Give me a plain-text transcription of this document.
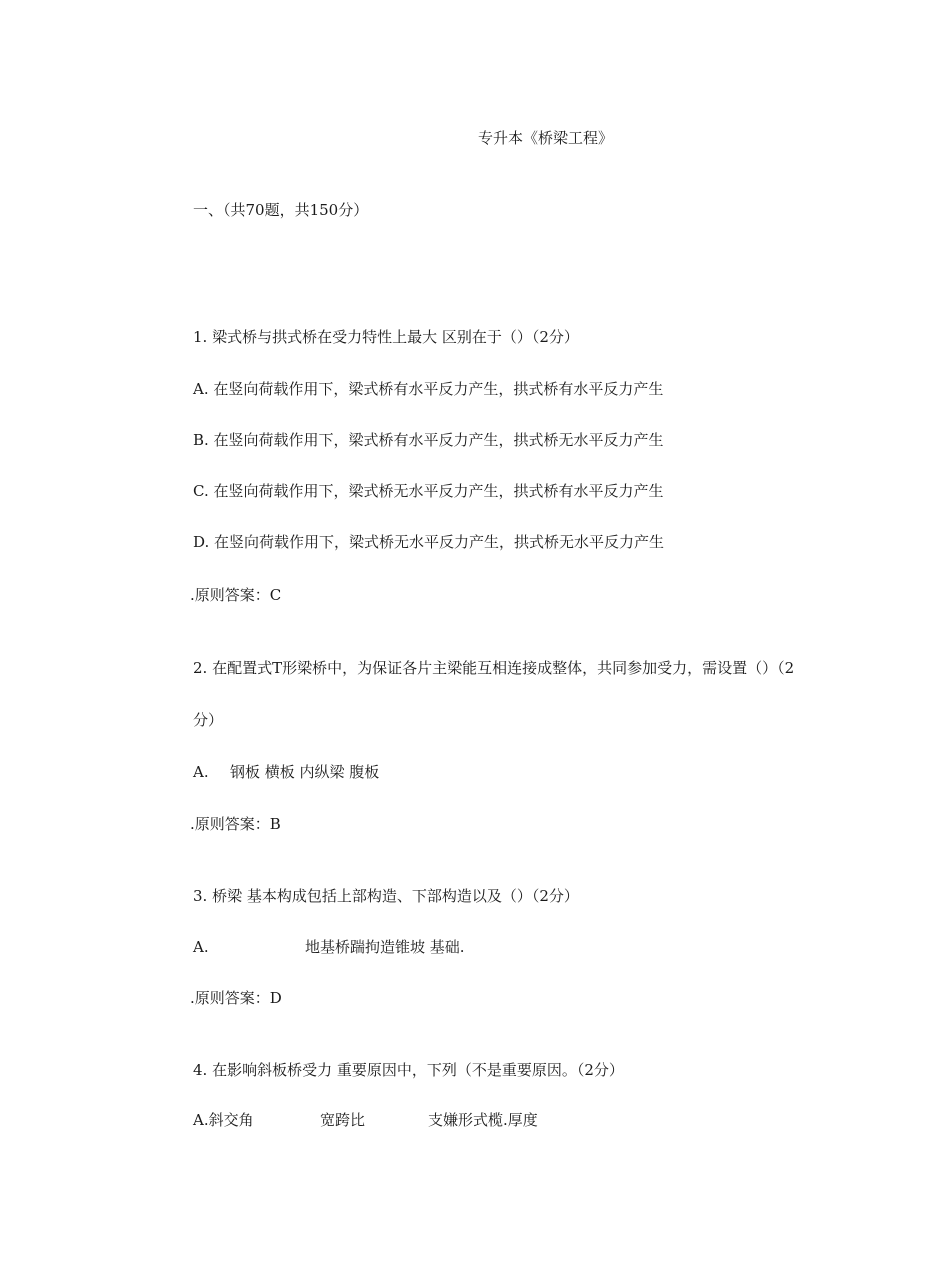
专升本《桥梁工程》
一、（共70题，共150分）
1. 梁式桥与拱式桥在受力特性上最大 区别在于（）（2分）
A. 在竖向荷载作用下，梁式桥有水平反力产生，拱式桥有水平反力产生
B. 在竖向荷载作用下，梁式桥有水平反力产生，拱式桥无水平反力产生
C. 在竖向荷载作用下，梁式桥无水平反力产生，拱式桥有水平反力产生
D. 在竖向荷载作用下，梁式桥无水平反力产生，拱式桥无水平反力产生
.原则答案：C
2. 在配置式T形梁桥中，为保证各片主梁能互相连接成整体，共同参加受力，需设置（）（2
分）
A. 钢板 横板 内纵梁 腹板
.原则答案：B
3. 桥梁 基本构成包括上部构造、下部构造以及（）（2分）
A.	地基桥踹拘造锥坡 基础.
.原则答案：D
4. 在影响斜板桥受力 重要原因中，下列（不是重要原因。（2分）
A.斜交角	宽跨比	支嫌形式榄.厚度
